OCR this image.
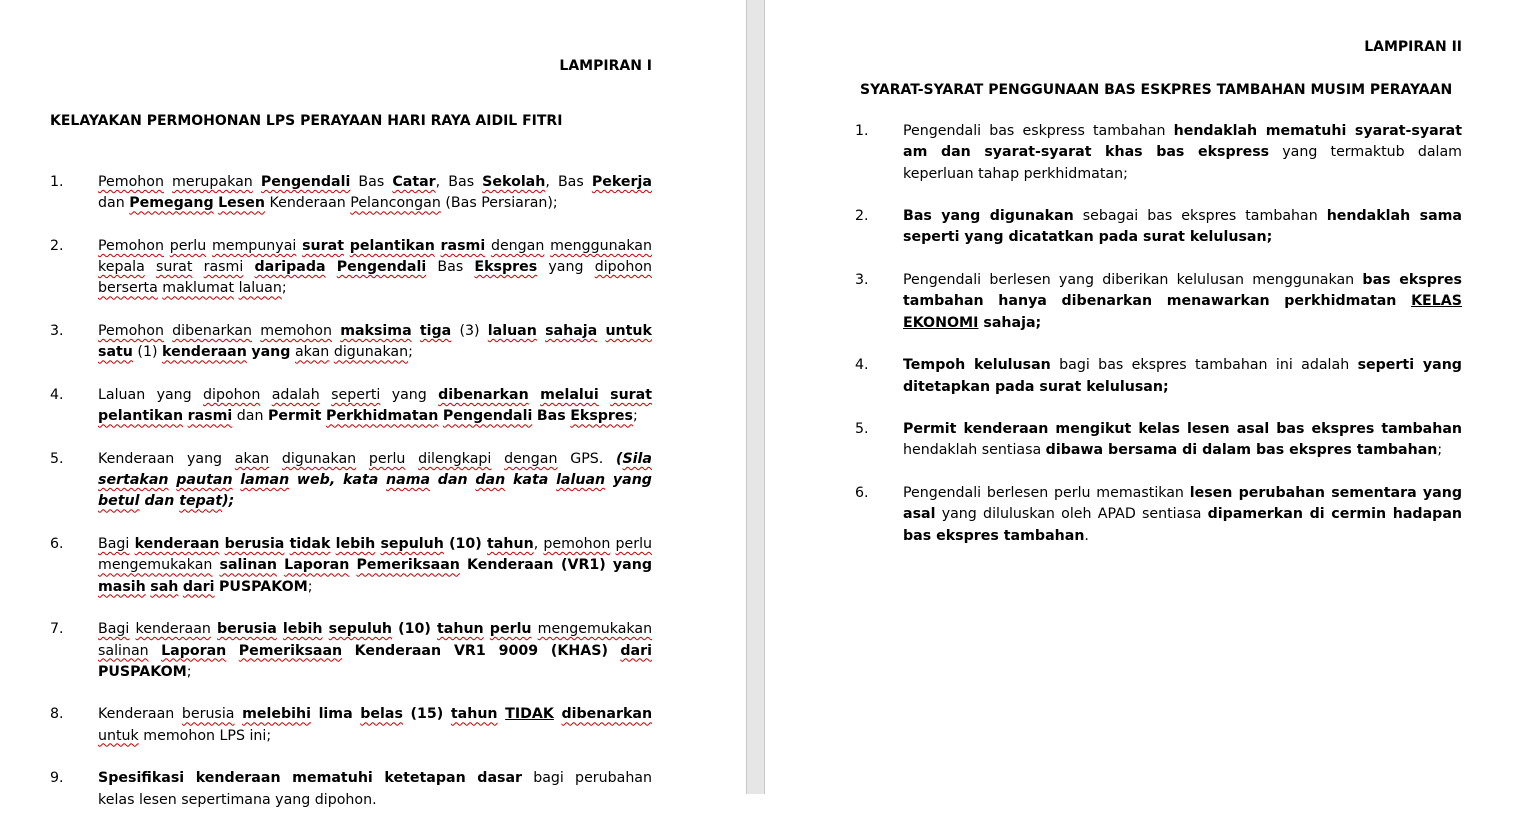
LAMPIRAN I
KELAYAKAN PERMOHONAN LPS PERAYAAN HARI RAYA AIDIL FITRI
1. Pemohon merupakan Pengendali Bas Catar, Bas Sekolah, Bas Pekerja dan Pemegang Lesen Kenderaan Pelancongan (Bas Persiaran);
2. Pemohon perlu mempunyai surat pelantikan rasmi dengan menggunakan kepala surat rasmi daripada Pengendali Bas Ekspres yang dipohon berserta maklumat laluan;
3. Pemohon dibenarkan memohon maksima tiga (3) laluan sahaja untuk satu (1) kenderaan yang akan digunakan;
4. Laluan yang dipohon adalah seperti yang dibenarkan melalui surat pelantikan rasmi dan Permit Perkhidmatan Pengendali Bas Ekspres;
5. Kenderaan yang akan digunakan perlu dilengkapi dengan GPS. (Sila sertakan pautan laman web, kata nama dan dan kata laluan yang betul dan tepat);
6. Bagi kenderaan berusia tidak lebih sepuluh (10) tahun, pemohon perlu mengemukakan salinan Laporan Pemeriksaan Kenderaan (VR1) yang masih sah dari PUSPAKOM;
7. Bagi kenderaan berusia lebih sepuluh (10) tahun perlu mengemukakan salinan Laporan Pemeriksaan Kenderaan VR1 9009 (KHAS) dari PUSPAKOM;
8. Kenderaan berusia melebihi lima belas (15) tahun TIDAK dibenarkan untuk memohon LPS ini;
9. Spesifikasi kenderaan mematuhi ketetapan dasar bagi perubahan kelas lesen sepertimana yang dipohon.
LAMPIRAN II
SYARAT-SYARAT PENGGUNAAN BAS ESKPRES TAMBAHAN MUSIM PERAYAAN
1. Pengendali bas eskpress tambahan hendaklah mematuhi syarat-syarat am dan syarat-syarat khas bas ekspress yang termaktub dalam keperluan tahap perkhidmatan;
2. Bas yang digunakan sebagai bas ekspres tambahan hendaklah sama seperti yang dicatatkan pada surat kelulusan;
3. Pengendali berlesen yang diberikan kelulusan menggunakan bas ekspres tambahan hanya dibenarkan menawarkan perkhidmatan KELAS EKONOMI sahaja;
4. Tempoh kelulusan bagi bas ekspres tambahan ini adalah seperti yang ditetapkan pada surat kelulusan;
5. Permit kenderaan mengikut kelas lesen asal bas ekspres tambahan hendaklah sentiasa dibawa bersama di dalam bas ekspres tambahan;
6. Pengendali berlesen perlu memastikan lesen perubahan sementara yang asal yang diluluskan oleh APAD sentiasa dipamerkan di cermin hadapan bas ekspres tambahan.
